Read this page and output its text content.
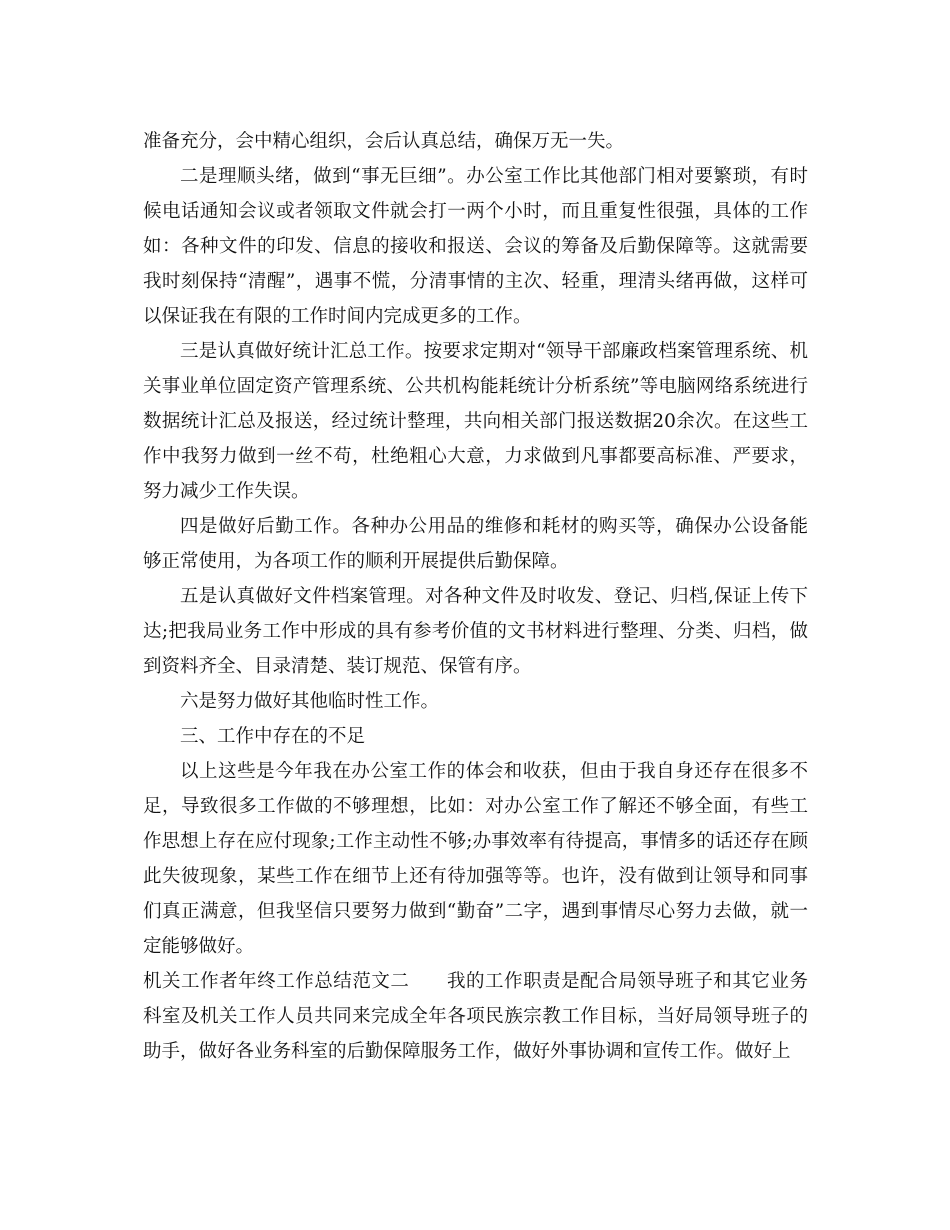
准备充分，会中精心组织，会后认真总结，确保万无一失。

二是理顺头绪，做到“事无巨细”。办公室工作比其他部门相对要繁琐，有时候电话通知会议或者领取文件就会打一两个小时，而且重复性很强，具体的工作如：各种文件的印发、信息的接收和报送、会议的筹备及后勤保障等。这就需要我时刻保持“清醒”，遇事不慌，分清事情的主次、轻重，理清头绪再做，这样可以保证我在有限的工作时间内完成更多的工作。

三是认真做好统计汇总工作。按要求定期对“领导干部廉政档案管理系统、机关事业单位固定资产管理系统、公共机构能耗统计分析系统”等电脑网络系统进行数据统计汇总及报送，经过统计整理，共向相关部门报送数据20余次。在这些工作中我努力做到一丝不苟，杜绝粗心大意，力求做到凡事都要高标准、严要求，努力减少工作失误。

四是做好后勤工作。各种办公用品的维修和耗材的购买等，确保办公设备能够正常使用，为各项工作的顺利开展提供后勤保障。

五是认真做好文件档案管理。对各种文件及时收发、登记、归档,保证上传下达;把我局业务工作中形成的具有参考价值的文书材料进行整理、分类、归档，做到资料齐全、目录清楚、装订规范、保管有序。

六是努力做好其他临时性工作。

三、工作中存在的不足

以上这些是今年我在办公室工作的体会和收获，但由于我自身还存在很多不足，导致很多工作做的不够理想，比如：对办公室工作了解还不够全面，有些工作思想上存在应付现象;工作主动性不够;办事效率有待提高，事情多的话还存在顾此失彼现象，某些工作在细节上还有待加强等等。也许，没有做到让领导和同事们真正满意，但我坚信只要努力做到“勤奋”二字，遇到事情尽心努力去做，就一定能够做好。

机关工作者年终工作总结范文二 我的工作职责是配合局领导班子和其它业务科室及机关工作人员共同来完成全年各项民族宗教工作目标，当好局领导班子的助手，做好各业务科室的后勤保障服务工作，做好外事协调和宣传工作。做好上
